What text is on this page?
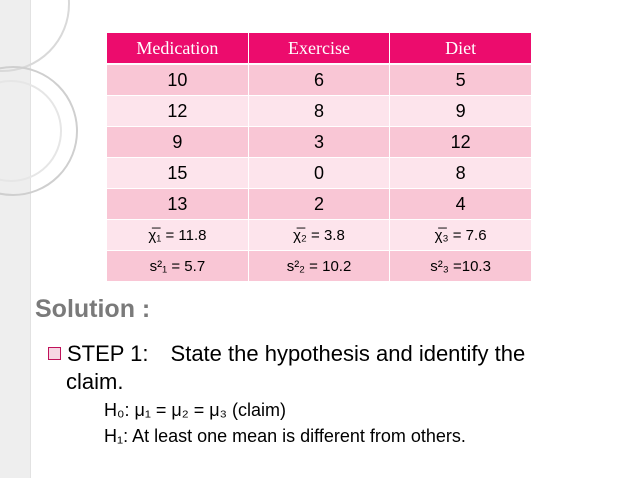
Medication	Exercise	Diet
10	6	5
12	8	9
9	3	12
15	0	8
13	2	4
χ̅₁ = 11.8	χ̅₂ = 3.8	χ̅₃ = 7.6
s²₁ = 5.7	s²₂ = 10.2	s²₃ =10.3
Solution :
STEP 1: State the hypothesis and identify the
claim.
H₀: μ₁ = μ₂ = μ₃ (claim)
H₁: At least one mean is different from others.
